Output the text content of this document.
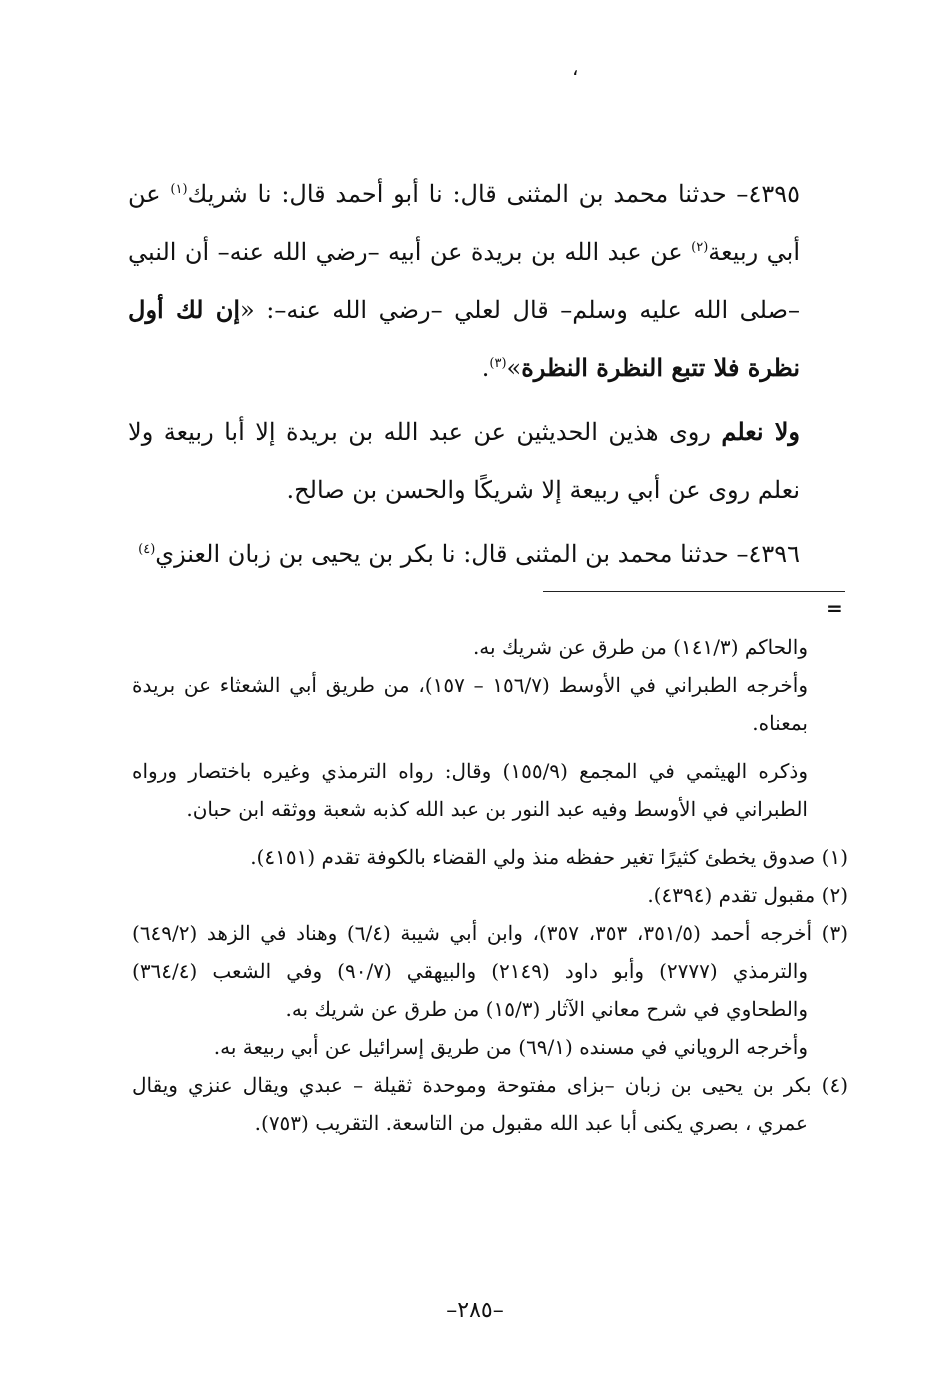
،

٤٣٩٥– حدثنا محمد بن المثنى قال: نا أبو أحمد قال: نا شريك$^{(١)}$ عن أبي ربيعة$^{(٢)}$ عن عبد الله بن بريدة عن أبيه –رضي الله عنه– أن النبي –صلى الله عليه وسلم– قال لعلي –رضي الله عنه–: «إن لك أول نظرة فلا تتبع النظرة النظرة»$^{(٣)}$.

ولا نعلم روى هذين الحديثين عن عبد الله بن بريدة إلا أبا ربيعة ولا نعلم روى عن أبي ربيعة إلا شريكًا والحسن بن صالح.

٤٣٩٦– حدثنا محمد بن المثنى قال: نا بكر بن يحيى بن زبان العنزي$^{(٤)}$

=

والحاكم (١٤١/٣) من طرق عن شريك به.

وأخرجه الطبراني في الأوسط (١٥٦/٧ – ١٥٧)، من طريق أبي الشعثاء عن بريدة بمعناه.

وذكره الهيثمي في المجمع (١٥٥/٩) وقال: رواه الترمذي وغيره باختصار ورواه الطبراني في الأوسط وفيه عبد النور بن عبد الله كذبه شعبة ووثقه ابن حبان.

(١) صدوق يخطئ كثيرًا تغير حفظه منذ ولي القضاء بالكوفة تقدم (٤١٥١).

(٢) مقبول تقدم (٤٣٩٤).

(٣) أخرجه أحمد (٣٥١/٥، ٣٥٣، ٣٥٧)، وابن أبي شيبة (٦/٤) وهناد في الزهد (٦٤٩/٢) والترمذي (٢٧٧٧) وأبو داود (٢١٤٩) والبيهقي (٩٠/٧) وفي الشعب (٣٦٤/٤) والطحاوي في شرح معاني الآثار (١٥/٣) من طرق عن شريك به.

وأخرجه الروياني في مسنده (٦٩/١) من طريق إسرائيل عن أبي ربيعة به.

(٤) بكر بن يحيى بن زبان –بزاى مفتوحة وموحدة ثقيلة – عبدي ويقال عنزي ويقال عمري ، بصري يكنى أبا عبد الله مقبول من التاسعة. التقريب (٧٥٣).

–٢٨٥–
